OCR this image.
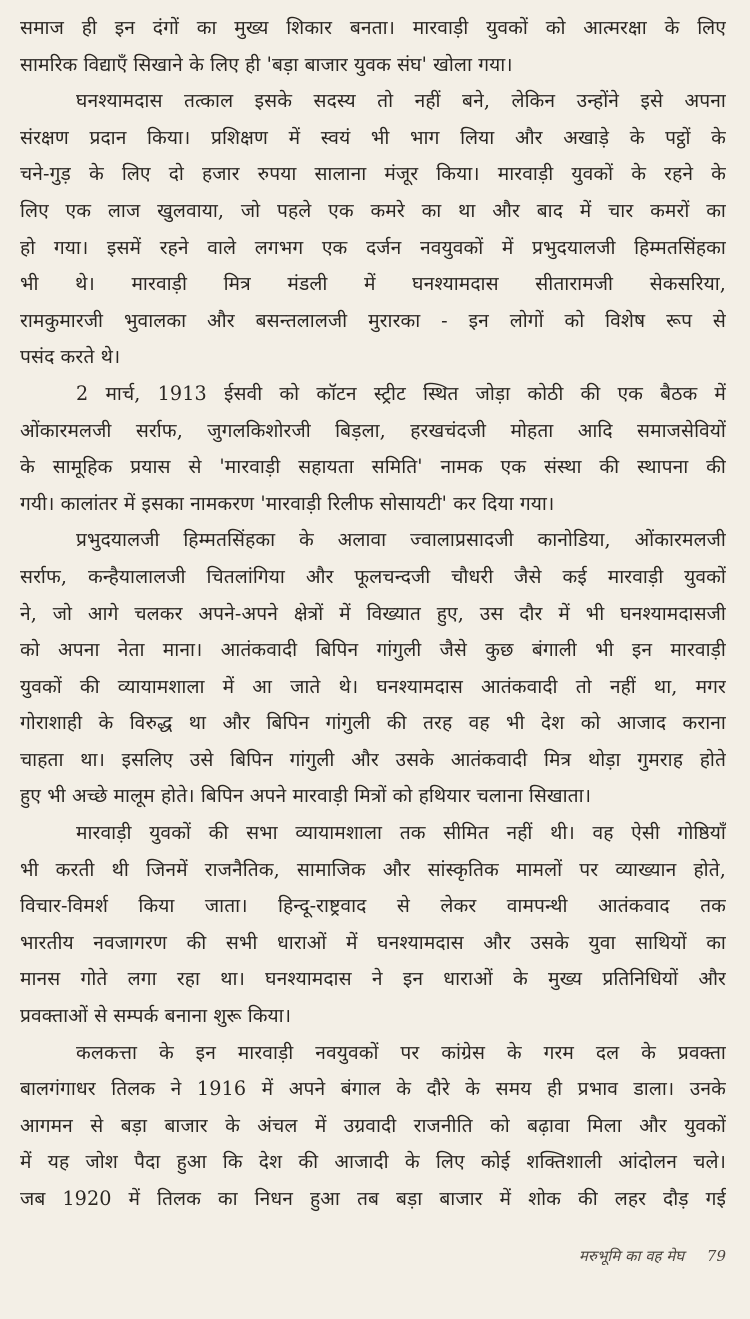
समाज ही इन दंगों का मुख्य शिकार बनता। मारवाड़ी युवकों को आत्मरक्षा के लिए
सामरिक विद्याएँ सिखाने के लिए ही 'बड़ा बाजार युवक संघ' खोला गया।
घनश्यामदास तत्काल इसके सदस्य तो नहीं बने, लेकिन उन्होंने इसे अपना
संरक्षण प्रदान किया। प्रशिक्षण में स्वयं भी भाग लिया और अखाड़े के पट्ठों के
चने-गुड़ के लिए दो हजार रुपया सालाना मंजूर किया। मारवाड़ी युवकों के रहने के
लिए एक लाज खुलवाया, जो पहले एक कमरे का था और बाद में चार कमरों का
हो गया। इसमें रहने वाले लगभग एक दर्जन नवयुवकों में प्रभुदयालजी हिम्मतसिंहका
भी थे। मारवाड़ी मित्र मंडली में घनश्यामदास सीतारामजी सेकसरिया,
रामकुमारजी भुवालका और बसन्तलालजी मुरारका - इन लोगों को विशेष रूप से
पसंद करते थे।
2 मार्च, 1913 ईसवी को कॉटन स्ट्रीट स्थित जोड़ा कोठी की एक बैठक में
ओंकारमलजी सर्राफ, जुगलकिशोरजी बिड़ला, हरखचंदजी मोहता आदि समाजसेवियों
के सामूहिक प्रयास से 'मारवाड़ी सहायता समिति' नामक एक संस्था की स्थापना की
गयी। कालांतर में इसका नामकरण 'मारवाड़ी रिलीफ सोसायटी' कर दिया गया।
प्रभुदयालजी हिम्मतसिंहका के अलावा ज्वालाप्रसादजी कानोडिया, ओंकारमलजी
सर्राफ, कन्हैयालालजी चितलांगिया और फूलचन्दजी चौधरी जैसे कई मारवाड़ी युवकों
ने, जो आगे चलकर अपने-अपने क्षेत्रों में विख्यात हुए, उस दौर में भी घनश्यामदासजी
को अपना नेता माना। आतंकवादी बिपिन गांगुली जैसे कुछ बंगाली भी इन मारवाड़ी
युवकों की व्यायामशाला में आ जाते थे। घनश्यामदास आतंकवादी तो नहीं था, मगर
गोराशाही के विरुद्ध था और बिपिन गांगुली की तरह वह भी देश को आजाद कराना
चाहता था। इसलिए उसे बिपिन गांगुली और उसके आतंकवादी मित्र थोड़ा गुमराह होते
हुए भी अच्छे मालूम होते। बिपिन अपने मारवाड़ी मित्रों को हथियार चलाना सिखाता।
मारवाड़ी युवकों की सभा व्यायामशाला तक सीमित नहीं थी। वह ऐसी गोष्ठियाँ
भी करती थी जिनमें राजनैतिक, सामाजिक और सांस्कृतिक मामलों पर व्याख्यान होते,
विचार-विमर्श किया जाता। हिन्दू-राष्ट्रवाद से लेकर वामपन्थी आतंकवाद तक
भारतीय नवजागरण की सभी धाराओं में घनश्यामदास और उसके युवा साथियों का
मानस गोते लगा रहा था। घनश्यामदास ने इन धाराओं के मुख्य प्रतिनिधियों और
प्रवक्ताओं से सम्पर्क बनाना शुरू किया।
कलकत्ता के इन मारवाड़ी नवयुवकों पर कांग्रेस के गरम दल के प्रवक्ता
बालगंगाधर तिलक ने 1916 में अपने बंगाल के दौरे के समय ही प्रभाव डाला। उनके
आगमन से बड़ा बाजार के अंचल में उग्रवादी राजनीति को बढ़ावा मिला और युवकों
में यह जोश पैदा हुआ कि देश की आजादी के लिए कोई शक्तिशाली आंदोलन चले।
जब 1920 में तिलक का निधन हुआ तब बड़ा बाजार में शोक की लहर दौड़ गई
मरुभूमि का वह मेघ 79
